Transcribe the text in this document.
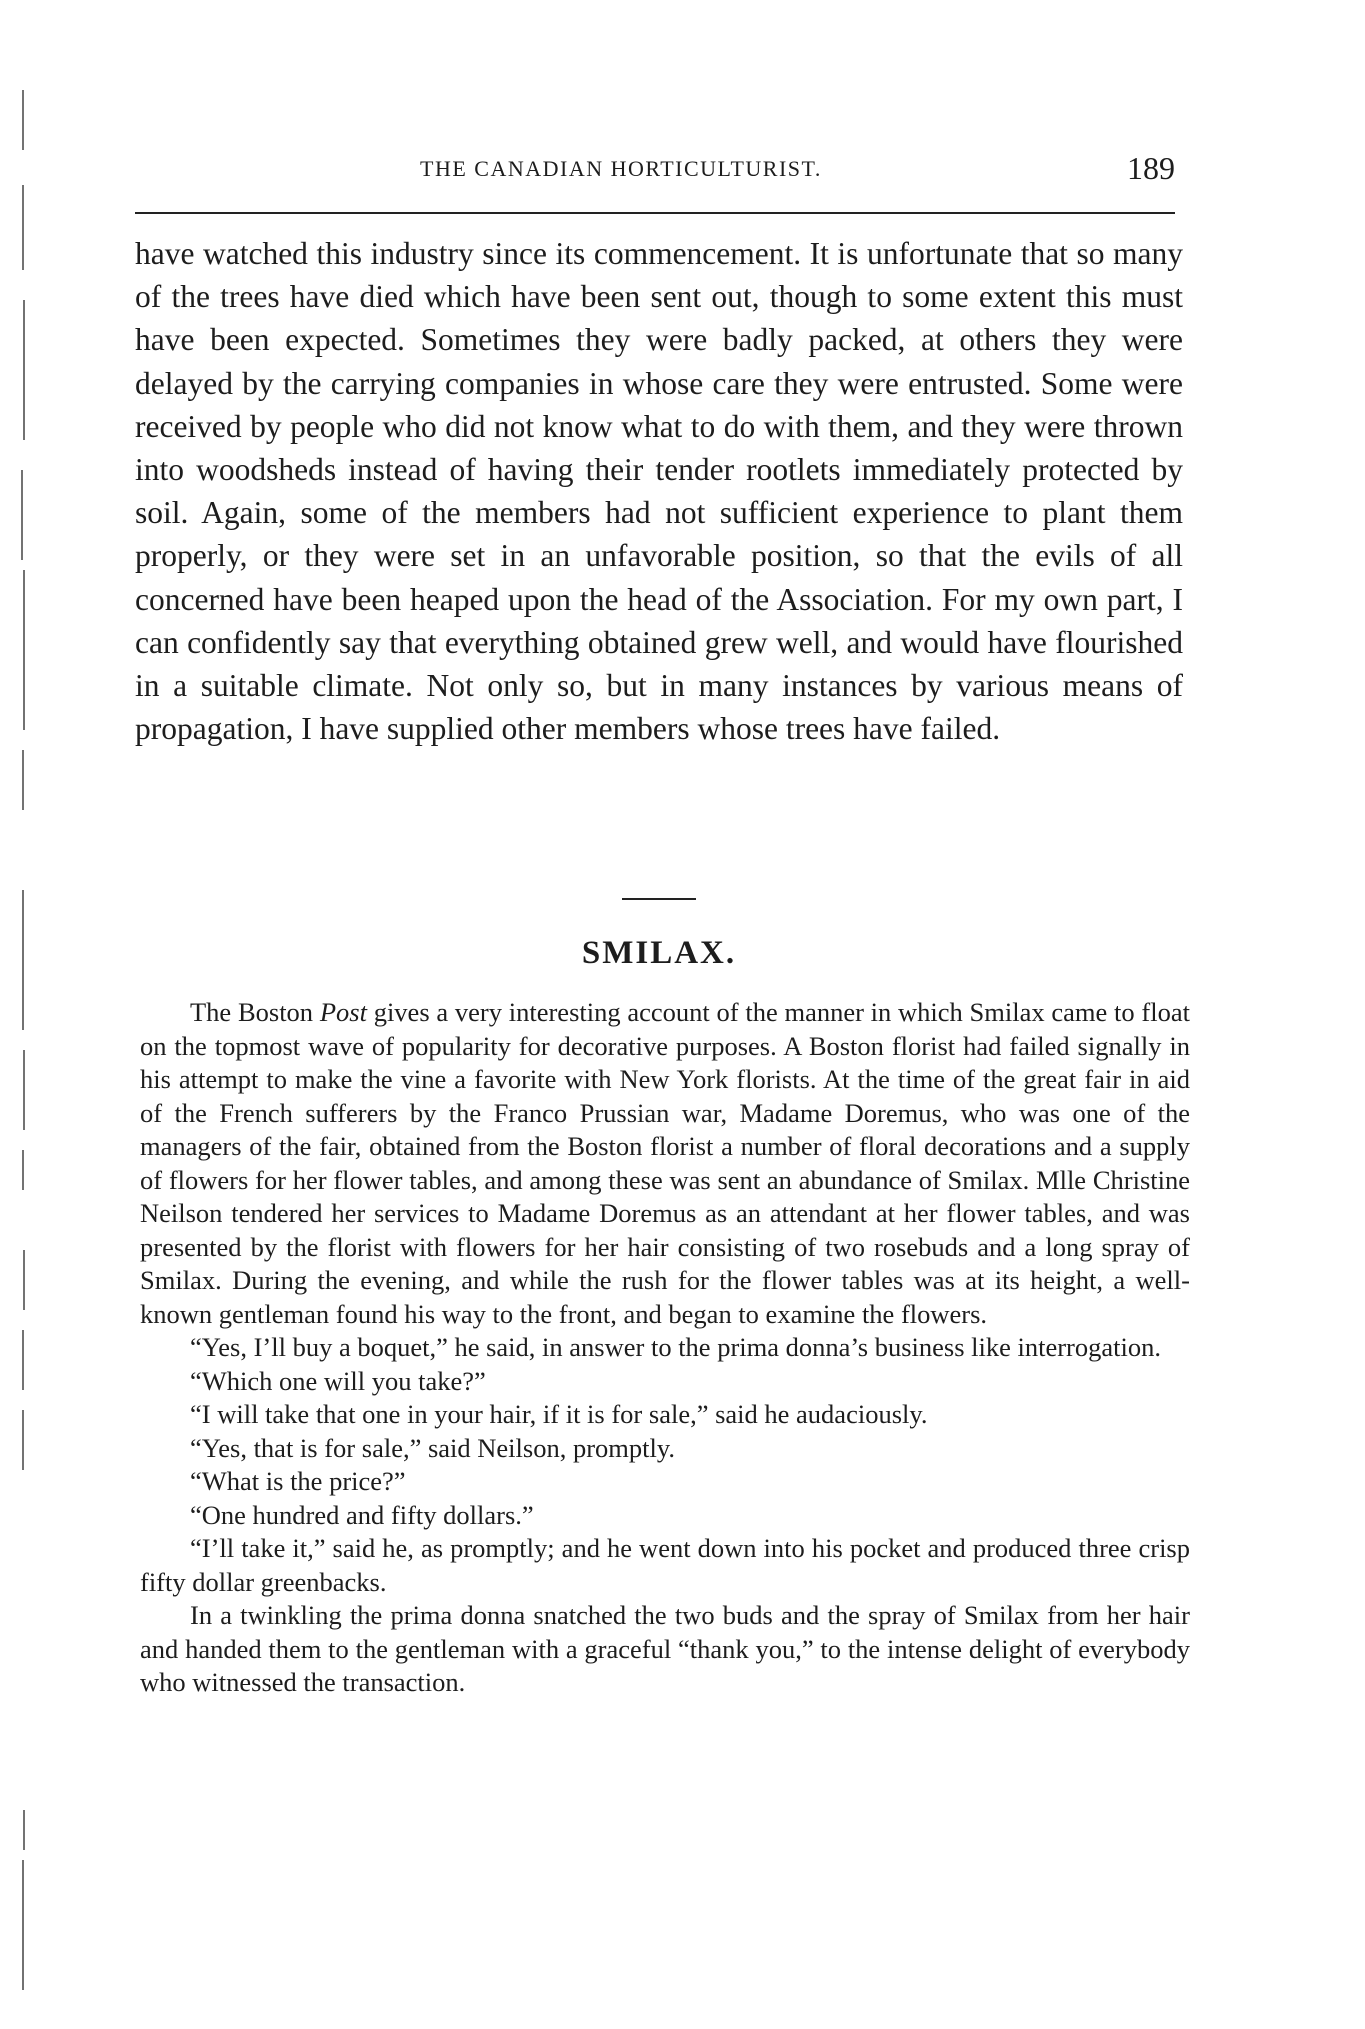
THE CANADIAN HORTICULTURIST.	189

have watched this industry since its commencement. It is unfortunate that so many of the trees have died which have been sent out, though to some extent this must have been expected. Sometimes they were badly packed, at others they were delayed by the carrying companies in whose care they were entrusted. Some were received by people who did not know what to do with them, and they were thrown into woodsheds instead of having their tender rootlets immediately protected by soil. Again, some of the members had not sufficient experience to plant them properly, or they were set in an unfavorable position, so that the evils of all concerned have been heaped upon the head of the Association. For my own part, I can confidently say that everything obtained grew well, and would have flourished in a suitable climate. Not only so, but in many instances by various means of propagation, I have supplied other members whose trees have failed.

SMILAX.

The Boston Post gives a very interesting account of the manner in which Smilax came to float on the topmost wave of popularity for decorative purposes. A Boston florist had failed signally in his attempt to make the vine a favorite with New York florists. At the time of the great fair in aid of the French sufferers by the Franco Prussian war, Madame Doremus, who was one of the managers of the fair, obtained from the Boston florist a number of floral decorations and a supply of flowers for her flower tables, and among these was sent an abundance of Smilax. Mlle Christine Neilson tendered her services to Madame Doremus as an attendant at her flower tables, and was presented by the florist with flowers for her hair consisting of two rosebuds and a long spray of Smilax. During the evening, and while the rush for the flower tables was at its height, a well-known gentleman found his way to the front, and began to examine the flowers.

“Yes, I’ll buy a boquet,” he said, in answer to the prima donna’s business like interrogation.

“Which one will you take?”

“I will take that one in your hair, if it is for sale,” said he audaciously.

“Yes, that is for sale,” said Neilson, promptly.

“What is the price?”

“One hundred and fifty dollars.”

“I’ll take it,” said he, as promptly; and he went down into his pocket and produced three crisp fifty dollar greenbacks.

In a twinkling the prima donna snatched the two buds and the spray of Smilax from her hair and handed them to the gentleman with a graceful “thank you,” to the intense delight of everybody who witnessed the transaction.
